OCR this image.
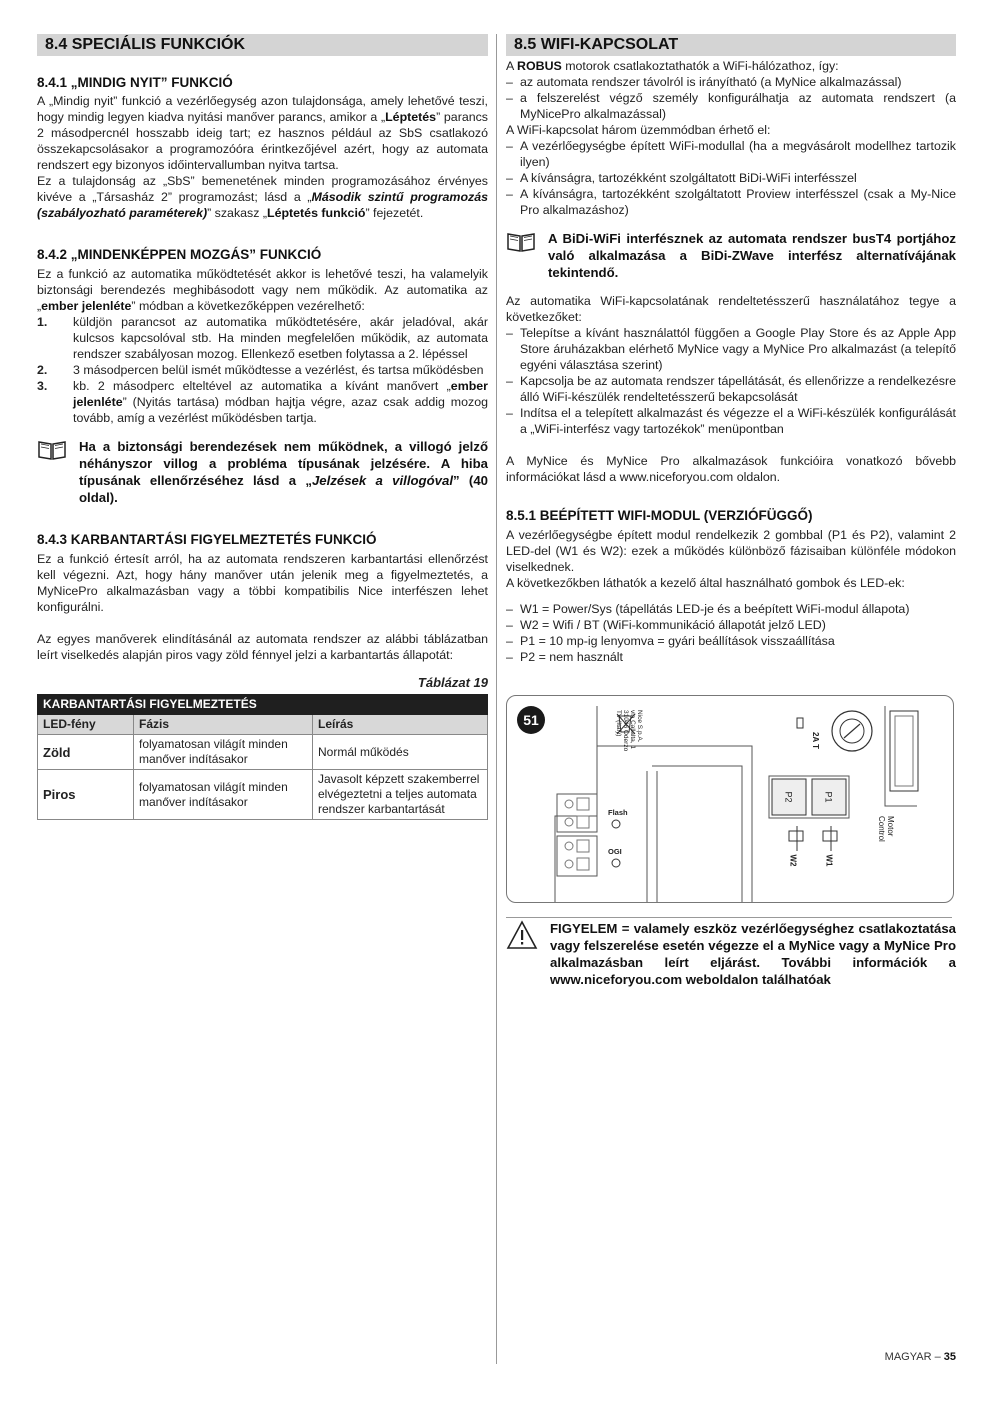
8.4 SPECIÁLIS FUNKCIÓK
8.4.1 „MINDIG NYIT” FUNKCIÓ

A „Mindig nyit” funkció a vezérlőegység azon tulajdonsága, amely lehetővé teszi, hogy mindig legyen kiadva nyitási manőver parancs, amikor a „Léptetés” parancs 2 másodpercnél hosszabb ideig tart; ez hasznos például az SbS csatlakozó összekapcsolásakor a programozóóra érintkezőjével azért, hogy az automata rendszert egy bizonyos időintervallumban nyitva tartsa.

Ez a tulajdonság az „SbS” bemenetének minden programozásához érvényes kivéve a „Társasház 2” programozást; lásd a „Második szintű programozás (szabályozható paraméterek)” szakasz „Léptetés funkció” fejezetét.

8.4.2 „MINDENKÉPPEN MOZGÁS” FUNKCIÓ

Ez a funkció az automatika működtetését akkor is lehetővé teszi, ha valamelyik biztonsági berendezés meghibásodott vagy nem működik. Az automatika az „ember jelenléte” módban a következőképpen vezérelhető:

1. küldjön parancsot az automatika működtetésére, akár jeladóval, akár kulcsos kapcsolóval stb. Ha minden megfelelően működik, az automata rendszer szabályosan mozog. Ellenkező esetben folytassa a 2. lépéssel
2. 3 másodpercen belül ismét működtesse a vezérlést, és tartsa működésben
3. kb. 2 másodperc elteltével az automatika a kívánt manővert „ember jelenléte” (Nyitás tartása) módban hajtja végre, azaz csak addig mozog tovább, amíg a vezérlést működésben tartja.
Ha a biztonsági berendezések nem működnek, a villogó jelző néhányszor villog a probléma típusának jelzésére. A hiba típusának ellenőrzéséhez lásd a „Jelzések a villogóval” (40 oldal).
8.4.3 KARBANTARTÁSI FIGYELMEZTETÉS FUNKCIÓ

Ez a funkció értesít arról, ha az automata rendszeren karbantartási ellenőrzést kell végezni. Azt, hogy hány manőver után jelenik meg a figyelmeztetés, a MyNicePro alkalmazásban vagy a többi kompatibilis Nice interfészen lehet konfigurálni.

Az egyes manőverek elindításánál az automata rendszer az alábbi táblázatban leírt viselkedés alapján piros vagy zöld fénnyel jelzi a karbantartás állapotát:

Táblázat 19
KARBANTARTÁSI FIGYELMEZTETÉS		
LED-fény	Fázis	Leírás
Zöld	folyamatosan világít minden manőver indításakor	Normál működés
Piros	folyamatosan világít minden manőver indításakor	Javasolt képzett szakemberrel elvégeztetni a teljes automata rendszer karbantartását
8.5 WIFI-KAPCSOLAT

A ROBUS motorok csatlakoztathatók a WiFi-hálózathoz, így:

– az automata rendszer távolról is irányítható (a MyNice alkalmazással)
– a felszerelést végző személy konfigurálhatja az automata rendszert (a MyNicePro alkalmazással)

A WiFi-kapcsolat három üzemmódban érhető el:

– A vezérlőegységbe épített WiFi-modullal (ha a megvásárolt modellhez tartozik ilyen)
– A kívánságra, tartozékként szolgáltatott BiDi-WiFi interfésszel
– A kívánságra, tartozékként szolgáltatott Proview interfésszel (csak a My-Nice Pro alkalmazáshoz)
A BiDi-WiFi interfésznek az automata rendszer busT4 portjához való alkalmazása a BiDi-ZWave interfész alternatívájának tekintendő.

Az automatika WiFi-kapcsolatának rendeltetésszerű használatához tegye a következőket:

– Telepítse a kívánt használattól függően a Google Play Store és az Apple App Store áruházakban elérhető MyNice vagy a MyNice Pro alkalmazást (a telepítő egyéni választása szerint)
– Kapcsolja be az automata rendszer tápellátását, és ellenőrizze a rendelkezésre álló WiFi-készülék rendeltetésszerű bekapcsolását
– Indítsa el a telepített alkalmazást és végezze el a WiFi-készülék konfigurálását a „WiFi-interfész vagy tartozékok” menüpontban

A MyNice és MyNice Pro alkalmazások funkcióira vonatkozó bővebb információkat lásd a www.niceforyou.com oldalon.

8.5.1 BEÉPÍTETT WIFI-MODUL (VERZIÓFÜGGŐ)

A vezérlőegységbe épített modul rendelkezik 2 gombbal (P1 és P2), valamint 2 LED-del (W1 és W2): ezek a működés különböző fázisaiban különféle módokon viselkednek.

A következőkben láthatók a kezelő által használható gombok és LED-ek:

– W1 = Power/Sys (tápellátás LED-je és a beépített WiFi-modul állapota)
– W2 = Wifi / BT (WiFi-kommunikáció állapotát jelző LED)
– P1 = 10 mp-ig lenyomva = gyári beállítások visszaállítása
– P2 = nem használt
51
Flash
OGI
Nice S.p.A.
via Callalta, 1
31046 Oderzo
TV (Italy)
2A T
P2	P1
W2	W1
Motor
Control
FIGYELEM = valamely eszköz vezérlőegységhez csatlakoztatása vagy felszerelése esetén végezze el a MyNice vagy a MyNice Pro alkalmazásban leírt eljárást. További információk a www.niceforyou.com weboldalon találhatóak
MAGYAR – 35
